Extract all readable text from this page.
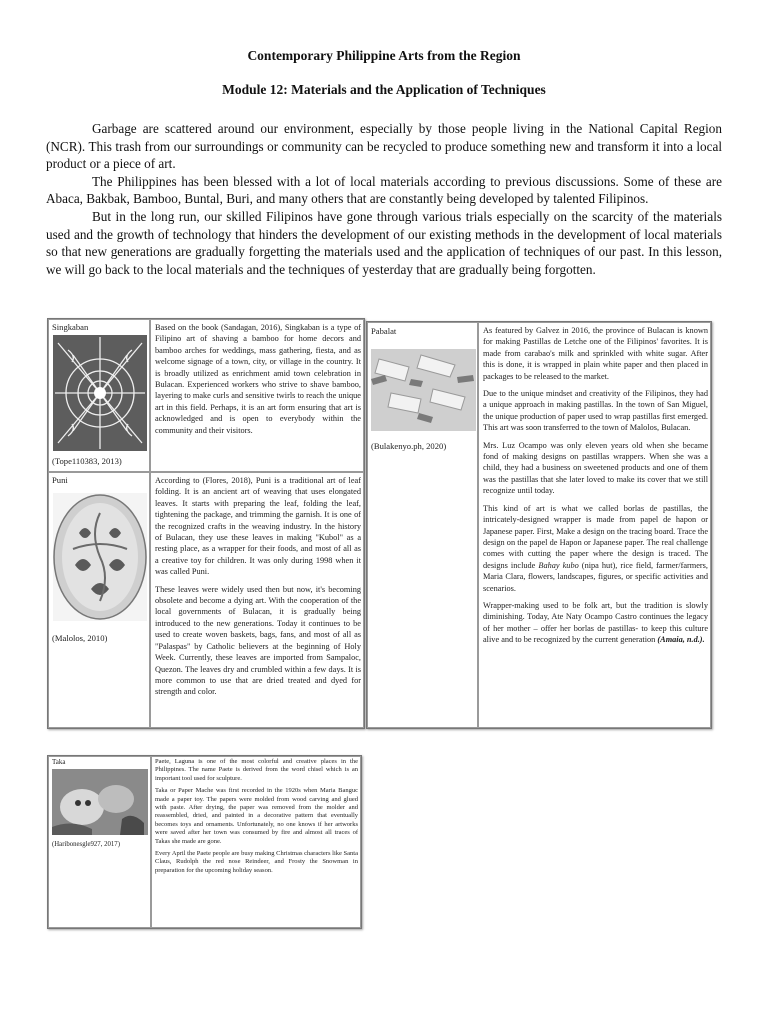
Contemporary Philippine Arts from the Region
Module 12: Materials and the Application of Techniques

Garbage are scattered around our environment, especially by those people living in the National Capital Region (NCR). This trash from our surroundings or community can be recycled to produce something new and transform it into a local product or a piece of art.

The Philippines has been blessed with a lot of local materials according to previous discussions. Some of these are Abaca, Bakbak, Bamboo, Buntal, Buri, and many others that are constantly being developed by talented Filipinos.

But in the long run, our skilled Filipinos have gone through various trials especially on the scarcity of the materials used and the growth of technology that hinders the development of our existing methods in the development of local materials so that new generations are gradually forgetting the materials used and the application of techniques of our past. In this lesson, we will go back to the local materials and the techniques of yesterday that are gradually being forgotten.

Singkaban
(Tope110383, 2013)

Based on the book (Sandagan, 2016), Singkaban is a type of Filipino art of shaving a bamboo for home decors and bamboo arches for weddings, mass gathering, fiesta, and as welcome signage of a town, city, or village in the country. It is broadly utilized as enrichment amid town celebration in Bulacan. Experienced workers who strive to shave bamboo, layering to make curls and sensitive twirls to reach the unique art in this field. Perhaps, it is an art form ensuring that art is acknowledged and is open to everybody within the community and their visitors.

Puni
(Malolos, 2010)

According to (Flores, 2018), Puni is a traditional art of leaf folding. It is an ancient art of weaving that uses elongated leaves. It starts with preparing the leaf, folding the leaf, tightening the package, and trimming the garnish. It is one of the recognized crafts in the weaving industry. In the history of Bulacan, they use these leaves in making "Kubol" as a resting place, as a wrapper for their foods, and most of all as a creative toy for children. It was only during 1998 when it was called Puni.

These leaves were widely used then but now, it's becoming obsolete and become a dying art. With the cooperation of the local governments of Bulacan, it is gradually being introduced to the new generations. Today it continues to be used to create woven baskets, bags, fans, and most of all as "Palaspas" by Catholic believers at the beginning of Holy Week. Currently, these leaves are imported from Sampaloc, Quezon. The leaves dry and crumbled within a few days. It is more common to use that are dried treated and dyed for strength and color.

Taka
(Haribonesgle927, 2017)

Paete, Laguna is one of the most colorful and creative places in the Philippines. The name Paete is derived from the word chisel which is an important tool used for sculpture.

Taka or Paper Mache was first recorded in the 1920s when Maria Banguc made a paper toy. The papers were molded from wood carving and glued with paste. After drying, the paper was removed from the molder and reassembled, dried, and painted in a decorative pattern that eventually becomes toys and ornaments. Unfortunately, no one knows if her artworks were saved after her town was consumed by fire and almost all traces of Takas she made are gone.

Every April the Paete people are busy making Christmas characters like Santa Claus, Rudolph the red nose Reindeer, and Frosty the Snowman in preparation for the upcoming holiday season.

Pabalat
(Bulakenyo.ph, 2020)

As featured by Galvez in 2016, the province of Bulacan is known for making Pastillas de Letche one of the Filipinos' favorites. It is made from carabao's milk and sprinkled with white sugar. After this is done, it is wrapped in plain white paper and then placed in packages to be released to the market.

Due to the unique mindset and creativity of the Filipinos, they had a unique approach in making pastillas. In the town of San Miguel, the unique production of paper used to wrap pastillas first emerged. This art was soon transferred to the town of Malolos, Bulacan.

Mrs. Luz Ocampo was only eleven years old when she became fond of making designs on pastillas wrappers. When she was a child, they had a business on sweetened products and one of them was the pastillas that she later loved to make its cover that we still recognize until today.

This kind of art is what we called borlas de pastillas, the intricately-designed wrapper is made from papel de hapon or Japanese paper. First, Make a design on the tracing board. Trace the design on the papel de Hapon or Japanese paper. The real challenge comes with cutting the paper where the design is traced. The designs include Bahay kubo (nipa hut), rice field, farmer/farmers, Maria Clara, flowers, landscapes, figures, or specific activities and scenarios.

Wrapper-making used to be folk art, but the tradition is slowly diminishing. Today, Ate Naty Ocampo Castro continues the legacy of her mother – offer her borlas de pastillas- to keep this culture alive and to be recognized by the current generation (Amaia, n.d.).
